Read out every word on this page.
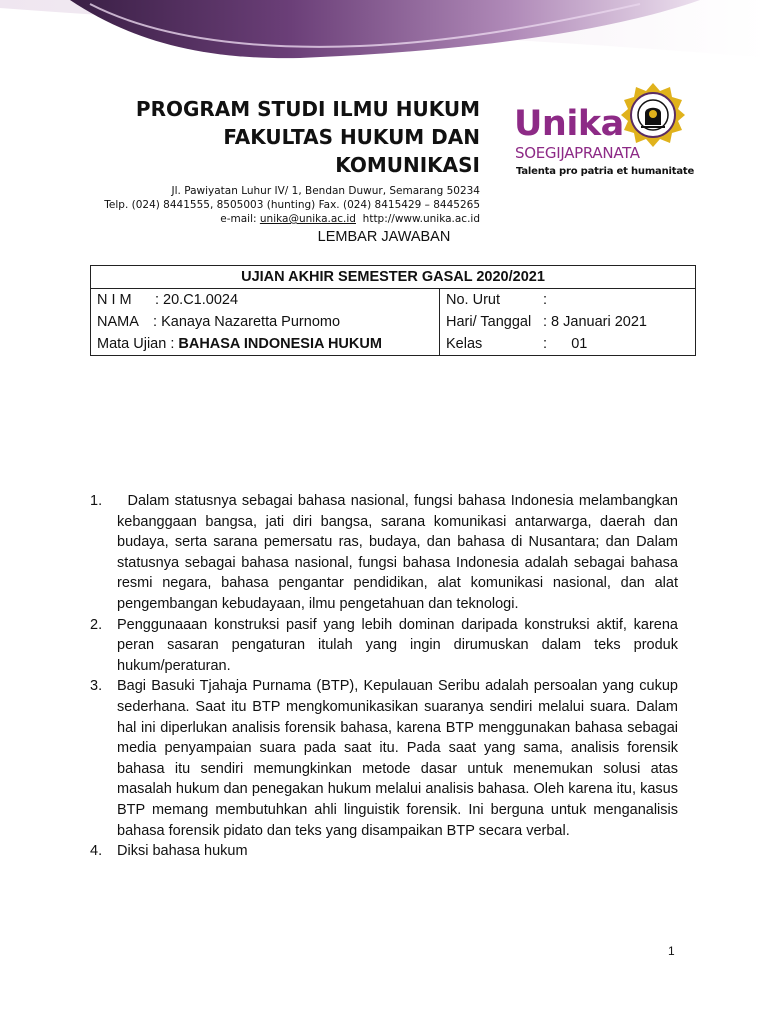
PROGRAM STUDI ILMU HUKUM
FAKULTAS HUKUM DAN
KOMUNIKASI
Jl. Pawiyatan Luhur IV/ 1, Bendan Duwur, Semarang 50234
Telp. (024) 8441555, 8505003 (hunting) Fax. (024) 8415429 – 8445265
e-mail: unika@unika.ac.id http://www.unika.ac.id
Unika
SOEGIJAPRANATA
Talenta pro patria et humanitate
LEMBAR JAWABAN
UJIAN AKHIR SEMESTER GASAL 2020/2021	
N I M : 20.C1.0024	No. Urut :
NAMA : Kanaya Nazaretta Purnomo	Hari/ Tanggal : 8 Januari 2021
Mata Ujian : BAHASA INDONESIA HUKUM	Kelas :      01
1. Dalam statusnya sebagai bahasa nasional, fungsi bahasa Indonesia melambangkan kebanggaan bangsa, jati diri bangsa, sarana komunikasi antarwarga, daerah dan budaya, serta sarana pemersatu ras, budaya, dan bahasa di Nusantara; dan Dalam statusnya sebagai bahasa nasional, fungsi bahasa Indonesia adalah sebagai bahasa resmi negara, bahasa pengantar pendidikan, alat komunikasi nasional, dan alat pengembangan kebudayaan, ilmu pengetahuan dan teknologi.
2. Penggunaaan konstruksi pasif yang lebih dominan daripada konstruksi aktif, karena peran sasaran pengaturan itulah yang ingin dirumuskan dalam teks produk hukum/peraturan.
3. Bagi Basuki Tjahaja Purnama (BTP), Kepulauan Seribu adalah persoalan yang cukup sederhana. Saat itu BTP mengkomunikasikan suaranya sendiri melalui suara. Dalam hal ini diperlukan analisis forensik bahasa, karena BTP menggunakan bahasa sebagai media penyampaian suara pada saat itu. Pada saat yang sama, analisis forensik bahasa itu sendiri memungkinkan metode dasar untuk menemukan solusi atas masalah hukum dan penegakan hukum melalui analisis bahasa. Oleh karena itu, kasus BTP memang membutuhkan ahli linguistik forensik. Ini berguna untuk menganalisis bahasa forensik pidato dan teks yang disampaikan BTP secara verbal.
4. Diksi bahasa hukum
1
